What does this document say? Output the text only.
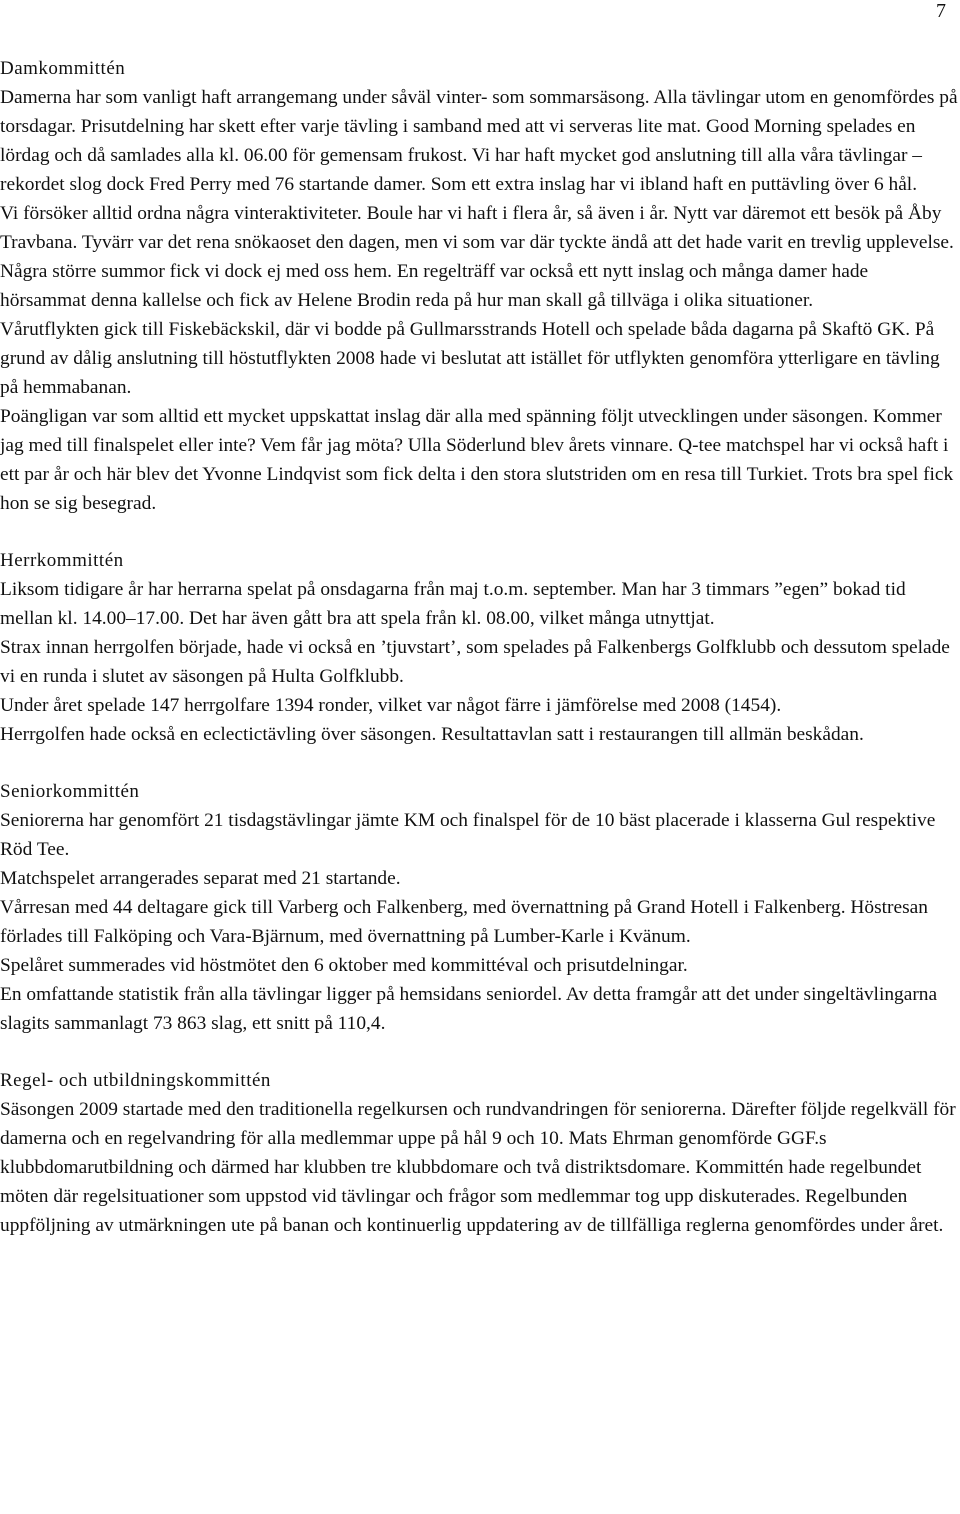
7
Damkommittén

Damerna har som vanligt haft arrangemang under såväl vinter- som sommarsäsong. Alla tävlingar utom en genomfördes på torsdagar. Prisutdelning har skett efter varje tävling i samband med att vi serveras lite mat. Good Morning spelades en lördag och då samlades alla kl. 06.00 för gemensam frukost. Vi har haft mycket god anslutning till alla våra tävlingar – rekordet slog dock Fred Perry med 76 startande damer. Som ett extra inslag har vi ibland haft en puttävling över 6 hål.

Vi försöker alltid ordna några vinteraktiviteter. Boule har vi haft i flera år, så även i år. Nytt var däremot ett besök på Åby Travbana. Tyvärr var det rena snökaoset den dagen, men vi som var där tyckte ändå att det hade varit en trevlig upplevelse. Några större summor fick vi dock ej med oss hem. En regelträff var också ett nytt inslag och många damer hade hörsammat denna kallelse och fick av Helene Brodin reda på hur man skall gå tillväga i olika situationer.

Vårutflykten gick till Fiskebäckskil, där vi bodde på Gullmarsstrands Hotell och spelade båda dagarna på Skaftö GK. På grund av dålig anslutning till höstutflykten 2008 hade vi beslutat att istället för utflykten genomföra ytterligare en tävling på hemmabanan.

Poängligan var som alltid ett mycket uppskattat inslag där alla med spänning följt utvecklingen under säsongen. Kommer jag med till finalspelet eller inte? Vem får jag möta? Ulla Söderlund blev årets vinnare. Q-tee matchspel har vi också haft i ett par år och här blev det Yvonne Lindqvist som fick delta i den stora slutstriden om en resa till Turkiet. Trots bra spel fick hon se sig besegrad.

Herrkommittén

Liksom tidigare år har herrarna spelat på onsdagarna från maj t.o.m. september. Man har 3 timmars ”egen” bokad tid mellan kl. 14.00–17.00. Det har även gått bra att spela från kl. 08.00, vilket många utnyttjat.

Strax innan herrgolfen började, hade vi också en ’tjuvstart’, som spelades på Falkenbergs Golfklubb och dessutom spelade vi en runda i slutet av säsongen på Hulta Golfklubb.

Under året spelade 147 herrgolfare 1394 ronder, vilket var något färre i jämförelse med 2008 (1454).

Herrgolfen hade också en eclectictävling över säsongen. Resultattavlan satt i restaurangen till allmän beskådan.

Seniorkommittén

Seniorerna har genomfört 21 tisdagstävlingar jämte KM och finalspel för de 10 bäst placerade i klasserna Gul respektive Röd Tee.

Matchspelet arrangerades separat med 21 startande.

Vårresan med 44 deltagare gick till Varberg och Falkenberg, med övernattning på Grand Hotell i Falkenberg. Höstresan förlades till Falköping och Vara-Bjärnum, med övernattning på Lumber-Karle i Kvänum.

Spelåret summerades vid höstmötet den 6 oktober med kommittéval och prisutdelningar.

En omfattande statistik från alla tävlingar ligger på hemsidans seniordel. Av detta framgår att det under singeltävlingarna slagits sammanlagt 73 863 slag, ett snitt på 110,4.

Regel- och utbildningskommittén

Säsongen 2009 startade med den traditionella regelkursen och rundvandringen för seniorerna. Därefter följde regelkväll för damerna och en regelvandring för alla medlemmar uppe på hål 9 och 10. Mats Ehrman genomförde GGF.s klubbdomarutbildning och därmed har klubben tre klubbdomare och två distriktsdomare. Kommittén hade regelbundet möten där regelsituationer som uppstod vid tävlingar och frågor som medlemmar tog upp diskuterades. Regelbunden uppföljning av utmärkningen ute på banan och kontinuerlig uppdatering av de tillfälliga reglerna genomfördes under året.
